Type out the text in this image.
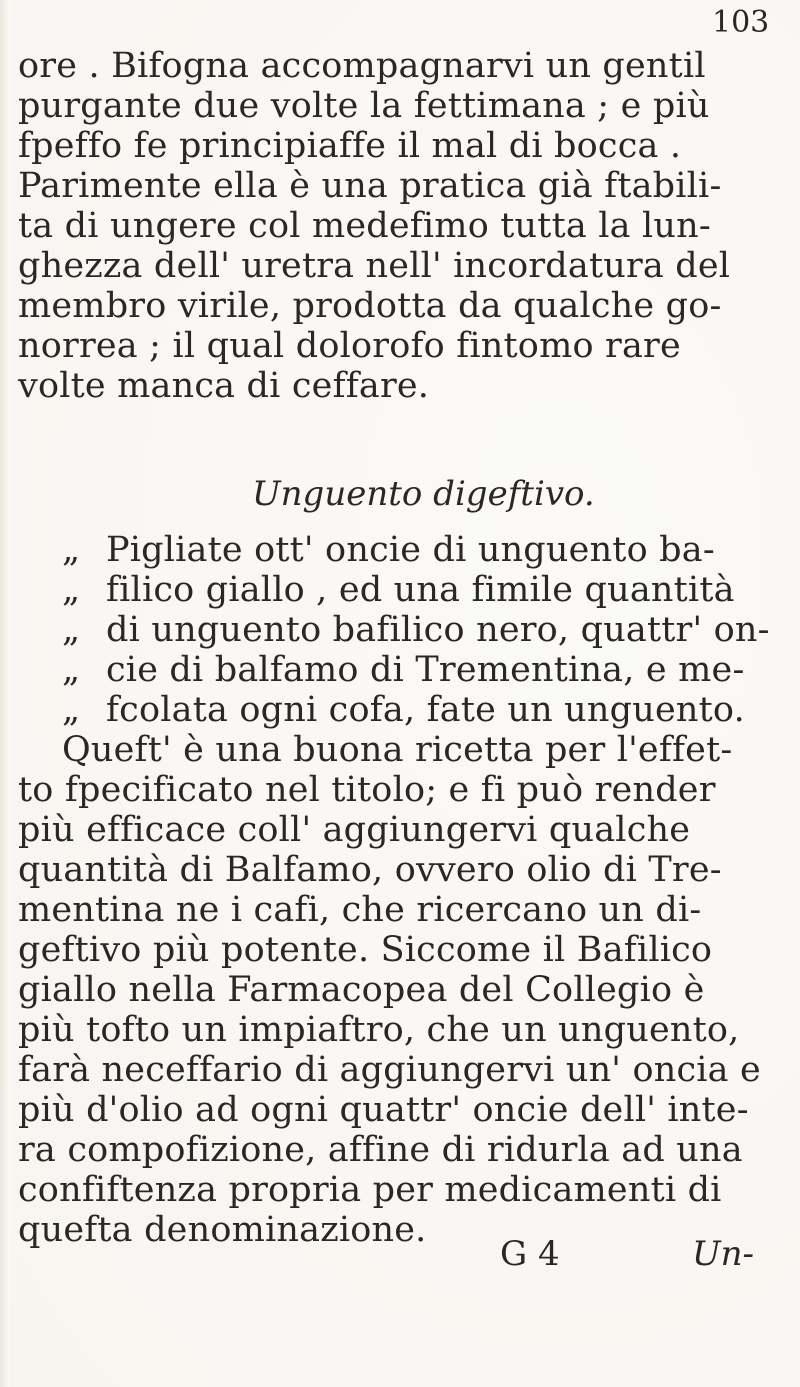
103
ore . Bifogna accompagnarvi un gentil
purgante due volte la fettimana ; e più
fpeffo fe principiaffe il mal di bocca .
Parimente ella è una pratica già ftabili-
ta di ungere col medefimo tutta la lun-
ghezza dell' uretra nell' incordatura del
membro virile, prodotta da qualche go-
norrea ; il qual dolorofo fintomo rare
volte manca di ceffare.
Unguento digeftivo.
„ Pigliate ott' oncie di unguento ba-
„ filico giallo , ed una fimile quantità
„ di unguento bafilico nero, quattr' on-
„ cie di balfamo di Trementina, e me-
„ fcolata ogni cofa, fate un unguento.
Queft' è una buona ricetta per l'effet-
to fpecificato nel titolo; e fi può render
più efficace coll' aggiungervi qualche
quantità di Balfamo, ovvero olio di Tre-
mentina ne i cafi, che ricercano un di-
geftivo più potente. Siccome il Bafilico
giallo nella Farmacopea del Collegio è
più tofto un impiaftro, che un unguento,
farà neceffario di aggiungervi un' oncia e
più d'olio ad ogni quattr' oncie dell' inte-
ra compofizione, affine di ridurla ad una
confiftenza propria per medicamenti di
quefta denominazione.
G 4	Un-
